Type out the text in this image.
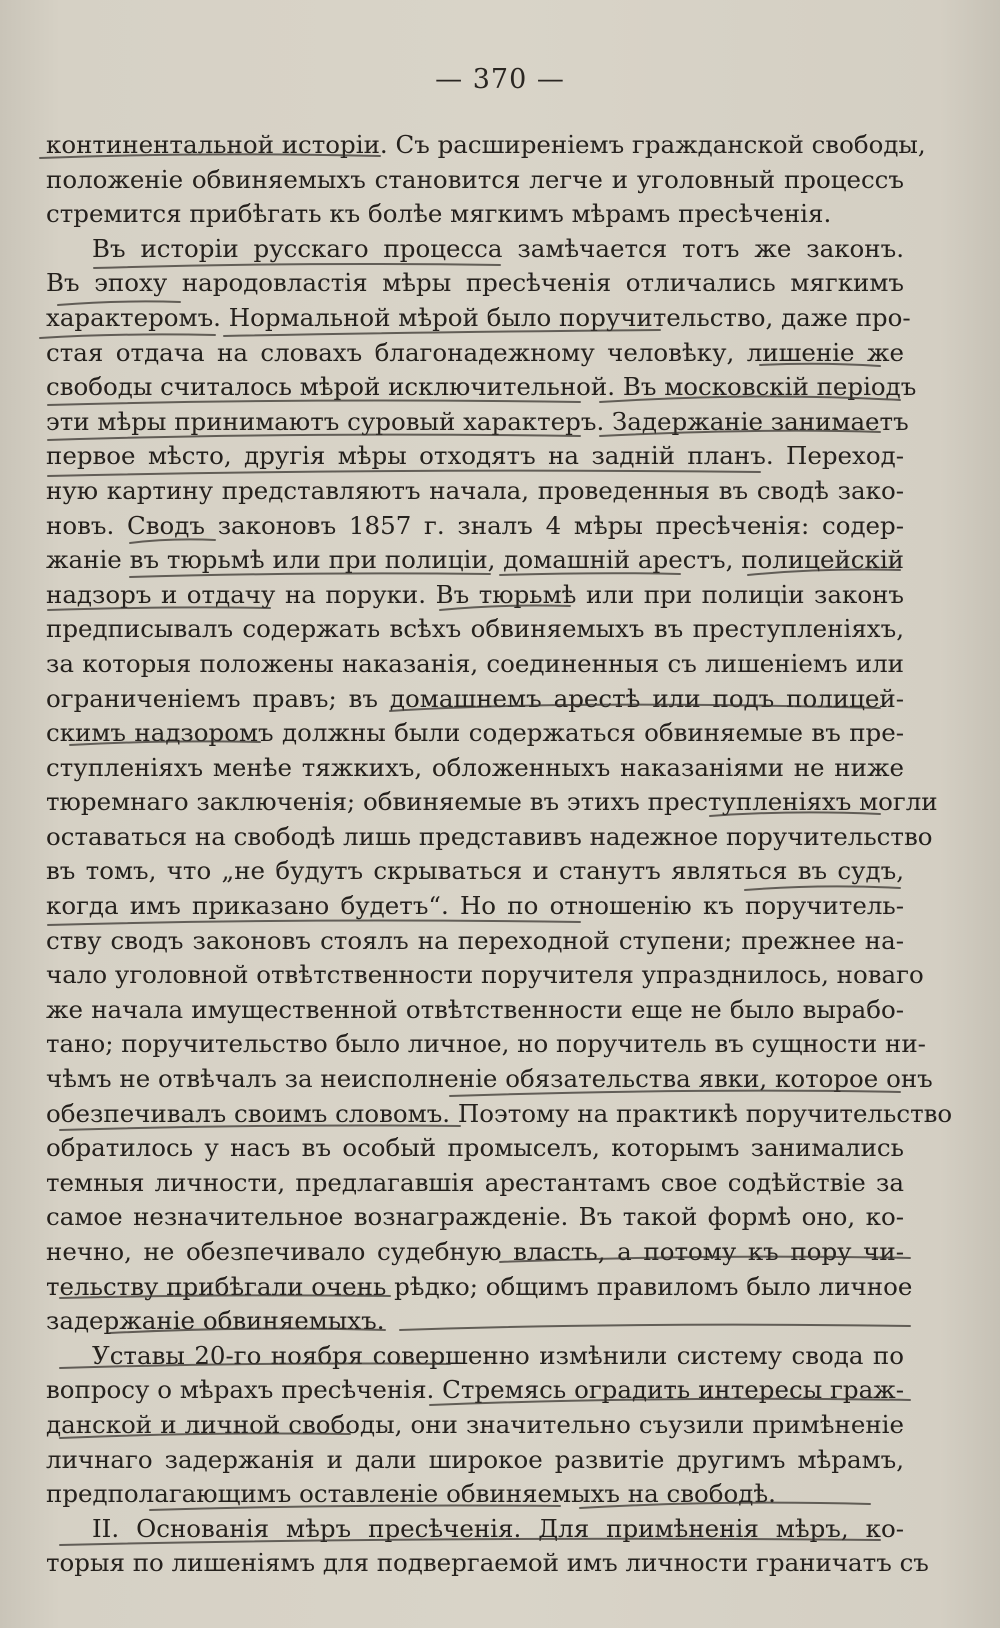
— 370 —
континентальной исторіи. Съ расширеніемъ гражданской свободы,
положеніе обвиняемыхъ становится легче и уголовный процессъ
стремится прибѣгать къ болѣе мягкимъ мѣрамъ пресѣченія.
Въ исторіи русскаго процесса замѣчается тотъ же законъ.
Въ эпоху народовластія мѣры пресѣченія отличались мягкимъ
характеромъ. Нормальной мѣрой было поручительство, даже про-
стая отдача на словахъ благонадежному человѣку, лишеніе же
свободы считалось мѣрой исключительной. Въ московскій періодъ
эти мѣры принимаютъ суровый характеръ. Задержаніе занимаетъ
первое мѣсто, другія мѣры отходятъ на заднiй планъ. Переход-
ную картину представляютъ начала, проведенныя въ сводѣ зако-
новъ. Сводъ законовъ 1857 г. зналъ 4 мѣры пресѣченія: содер-
жаніе въ тюрьмѣ или при полиціи, домашній арестъ, полицейскій
надзоръ и отдачу на поруки. Въ тюрьмѣ или при полиціи законъ
предписывалъ содержать всѣхъ обвиняемыхъ въ преступленіяхъ,
за которыя положены наказанія, соединенныя съ лишеніемъ или
ограниченіемъ правъ; въ домашнемъ арестѣ или подъ полицей-
скимъ надзоромъ должны были содержаться обвиняемые въ пре-
ступленіяхъ менѣе тяжкихъ, обложенныхъ наказаніями не ниже
тюремнаго заключенія; обвиняемые въ этихъ преступленіяхъ могли
оставаться на свободѣ лишь представивъ надежное поручительство
въ томъ, что „не будутъ скрываться и станутъ являться въ судъ,
когда имъ приказано будетъ“. Но по отношенію къ поручитель-
ству сводъ законовъ стоялъ на переходной ступени; прежнее на-
чало уголовной отвѣтственности поручителя упразднилось, новаго
же начала имущественной отвѣтственности еще не было вырабо-
тано; поручительство было личное, но поручитель въ сущности ни-
чѣмъ не отвѣчалъ за неисполненіе обязательства явки, которое онъ
обезпечивалъ своимъ словомъ. Поэтому на практикѣ поручительство
обратилось у насъ въ особый промыселъ, которымъ занимались
темныя личности, предлагавшія арестантамъ свое содѣйствіе за
самое незначительное вознагражденіе. Въ такой формѣ оно, ко-
нечно, не обезпечивало судебную власть, а потому къ пору чи-
тельству прибѣгали очень рѣдко; общимъ правиломъ было личное
задержаніе обвиняемыхъ.
Уставы 20-го ноября совершенно измѣнили систему свода по
вопросу о мѣрахъ пресѣченія. Стремясь оградить интересы граж-
данской и личной свободы, они значительно съузили примѣненіе
личнаго задержанія и дали широкое развитіе другимъ мѣрамъ,
предполагающимъ оставленіе обвиняемыхъ на свободѣ.
II. Основанія мѣръ пресѣченія. Для примѣненія мѣръ, ко-
торыя по лишеніямъ для подвергаемой имъ личности граничатъ съ
